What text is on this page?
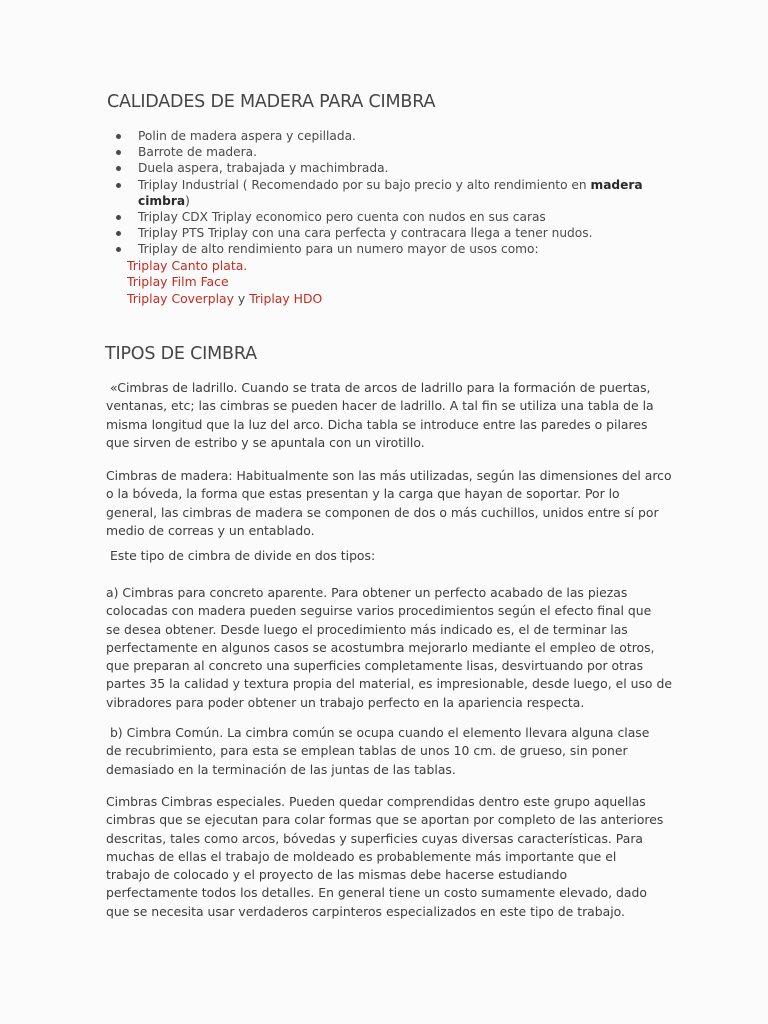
CALIDADES DE MADERA PARA CIMBRA
Polin de madera aspera y cepillada.
Barrote de madera.
Duela aspera, trabajada y machimbrada.
Triplay Industrial ( Recomendado por su bajo precio y alto rendimiento en madera
cimbra)
Triplay CDX Triplay economico pero cuenta con nudos en sus caras
Triplay PTS Triplay con una cara perfecta y contracara llega a tener nudos.
Triplay de alto rendimiento para un numero mayor de usos como:
Triplay Canto plata.
Triplay Film Face
Triplay Coverplay y Triplay HDO
TIPOS DE CIMBRA

«Cimbras de ladrillo. Cuando se trata de arcos de ladrillo para la formación de puertas,
ventanas, etc; las cimbras se pueden hacer de ladrillo. A tal fin se utiliza una tabla de la
misma longitud que la luz del arco. Dicha tabla se introduce entre las paredes o pilares
que sirven de estribo y se apuntala con un virotillo.

Cimbras de madera: Habitualmente son las más utilizadas, según las dimensiones del arco
o la bóveda, la forma que estas presentan y la carga que hayan de soportar. Por lo
general, las cimbras de madera se componen de dos o más cuchillos, unidos entre sí por
medio de correas y un entablado.

Este tipo de cimbra de divide en dos tipos:

a) Cimbras para concreto aparente. Para obtener un perfecto acabado de las piezas
colocadas con madera pueden seguirse varios procedimientos según el efecto final que
se desea obtener. Desde luego el procedimiento más indicado es, el de terminar las
perfectamente en algunos casos se acostumbra mejorarlo mediante el empleo de otros,
que preparan al concreto una superficies completamente lisas, desvirtuando por otras
partes 35 la calidad y textura propia del material, es impresionable, desde luego, el uso de
vibradores para poder obtener un trabajo perfecto en la apariencia respecta.

b) Cimbra Común. La cimbra común se ocupa cuando el elemento llevara alguna clase
de recubrimiento, para esta se emplean tablas de unos 10 cm. de grueso, sin poner
demasiado en la terminación de las juntas de las tablas.

Cimbras Cimbras especiales. Pueden quedar comprendidas dentro este grupo aquellas
cimbras que se ejecutan para colar formas que se aportan por completo de las anteriores
descritas, tales como arcos, bóvedas y superficies cuyas diversas características. Para
muchas de ellas el trabajo de moldeado es probablemente más importante que el
trabajo de colocado y el proyecto de las mismas debe hacerse estudiando
perfectamente todos los detalles. En general tiene un costo sumamente elevado, dado
que se necesita usar verdaderos carpinteros especializados en este tipo de trabajo.
